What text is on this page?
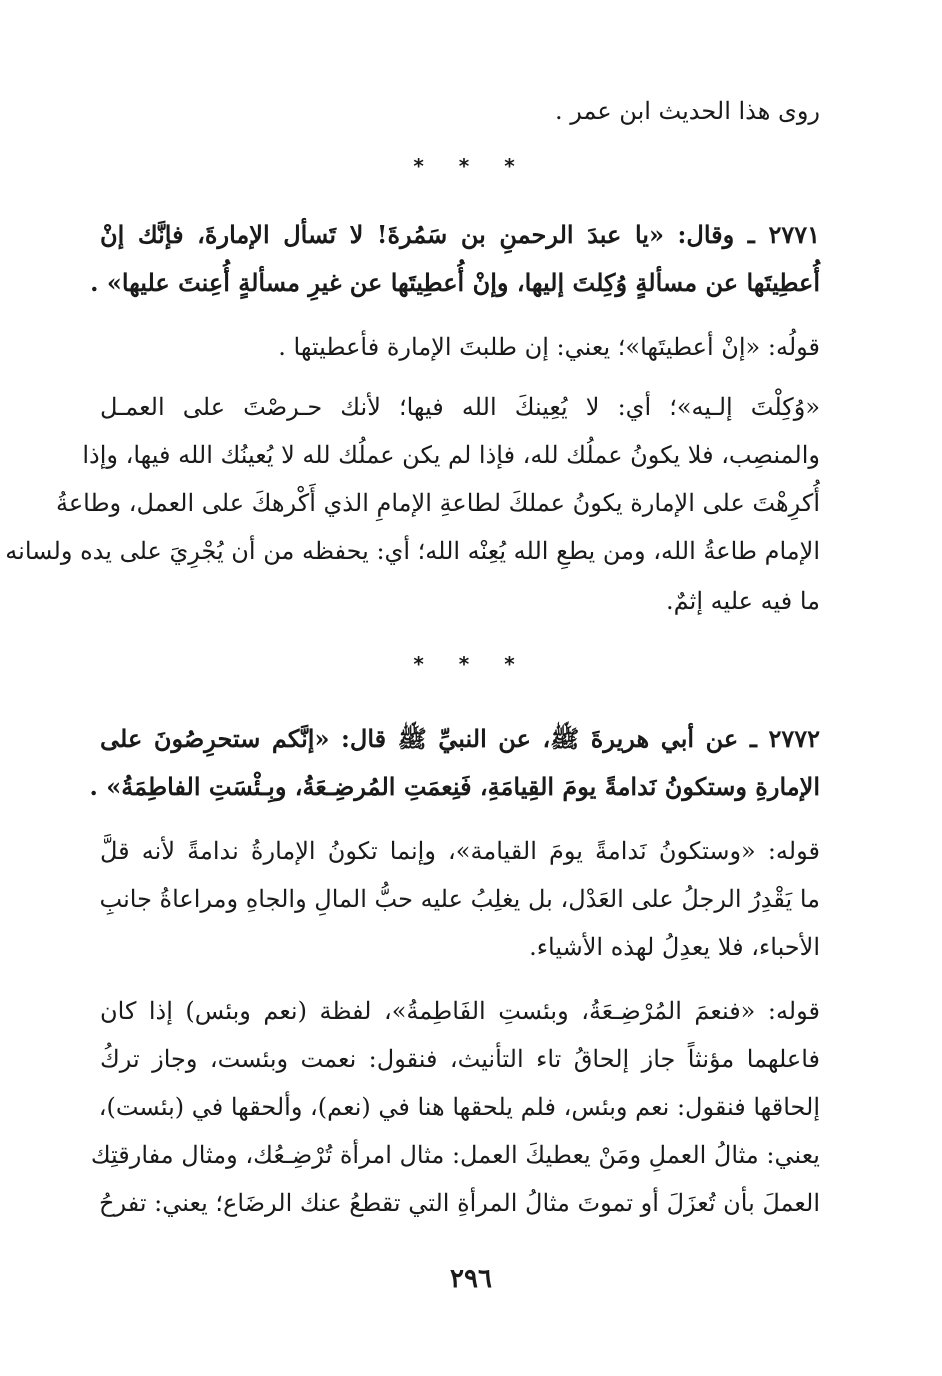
روى هذا الحديث ابن عمر .
* * *
٢٧٧١ ـ وقال: «يا عبدَ الرحمنِ بن سَمُرةَ! لا تَسأل الإمارةَ، فإنَّك إنْ
أُعطِيتَها عن مسألةٍ وُكِلتَ إليها، وإنْ أُعطِيتَها عن غيرِ مسألةٍ أُعِنتَ عليها» .
قولُه: «إنْ أعطيتَها»؛ يعني: إن طلبتَ الإمارة فأعطيتها .
«وُكِلْتَ إلـيه»؛ أي: لا يُعِينكَ الله فيها؛ لأنك حـرصْتَ على العمـل
والمنصِب، فلا يكونُ عملُك لله، فإذا لم يكن عملُك لله لا يُعينُك الله فيها، وإذا
أُكرِهْتَ على الإمارة يكونُ عملكَ لطاعةِ الإمامِ الذي أَكْرهكَ على العمل، وطاعةُ
الإمام طاعةُ الله، ومن يطعِ الله يُعِنْه الله؛ أي: يحفظه من أن يُجْرِيَ على يده ولسانه
ما فيه عليه إثمٌ.
* * *
٢٧٧٢ ـ عن أبي هريرةَ ﷺ، عن النبيِّ ﷺ قال: «إنَّكم ستحرِصُونَ على
الإمارةِ وستكونُ نَدامةً يومَ القِيامَةِ، فَنِعمَتِ المُرضِـعَةُ، وبِـئْسَتِ الفاطِمَةُ» .
قوله: «وستكونُ نَدامةً يومَ القيامة»، وإنما تكونُ الإمارةُ ندامةً لأنه قلَّ
ما يَقْدِرُ الرجلُ على العَدْل، بل يغلِبُ عليه حبُّ المالِ والجاهِ ومراعاةُ جانبِ
الأحباء، فلا يعدِلُ لهذه الأشياء.
قوله: «فنعمَ المُرْضِـعَةُ، وبئستِ الفَاطِمةُ»، لفظة (نعم وبئس) إذا كان
فاعلهما مؤنثاً جاز إلحاقُ تاء التأنيث، فنقول: نعمت وبئست، وجاز تركُ
إلحاقها فنقول: نعم وبئس، فلم يلحقها هنا في (نعم)، وألحقها في (بئست)،
يعني: مثالُ العملِ ومَنْ يعطيكَ العمل: مثال امرأة تُرْضِـعُك، ومثال مفارقتِك
العملَ بأن تُعزَلَ أو تموتَ مثالُ المرأةِ التي تقطعُ عنك الرضَاع؛ يعني: تفرحُ
٢٩٦
